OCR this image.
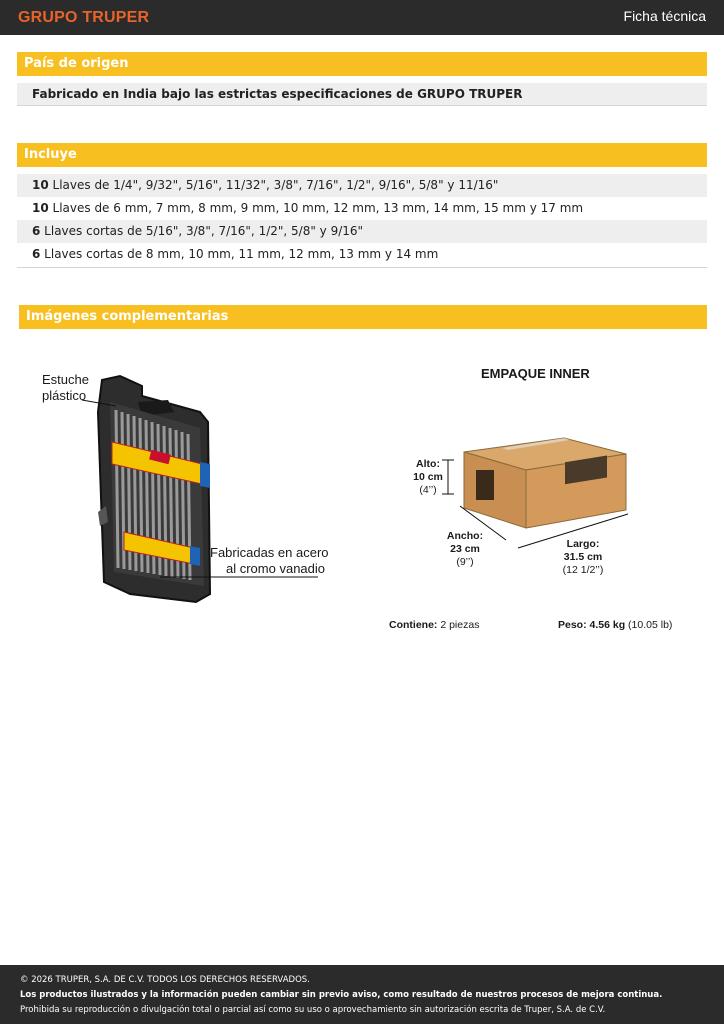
GRUPO TRUPER	Ficha técnica
País de origen
Fabricado en India bajo las estrictas especificaciones de GRUPO TRUPER
Incluye
10 Llaves de 1/4", 9/32", 5/16", 11/32", 3/8", 7/16", 1/2", 9/16", 5/8" y 11/16"
10 Llaves de 6 mm, 7 mm, 8 mm, 9 mm, 10 mm, 12 mm, 13 mm, 14 mm, 15 mm y 17 mm
6 Llaves cortas de 5/16", 3/8", 7/16", 1/2", 5/8" y 9/16"
6 Llaves cortas de 8 mm, 10 mm, 11 mm, 12 mm, 13 mm y 14 mm
Imágenes complementarias
Estuche
plástico
Fabricadas en acero
al cromo vanadio
EMPAQUE INNER
Alto:
10 cm
(4’’)
Ancho:
23 cm
(9’’)
Largo:
31.5 cm
(12 1/2’’)
Contiene: 2 piezas	Peso: 4.56 kg (10.05 lb)
© 2026 TRUPER, S.A. DE C.V. TODOS LOS DERECHOS RESERVADOS.
Los productos ilustrados y la información pueden cambiar sin previo aviso, como resultado de nuestros procesos de mejora continua.
Prohibida su reproducción o divulgación total o parcial así como su uso o aprovechamiento sin autorización escrita de Truper, S.A. de C.V.
